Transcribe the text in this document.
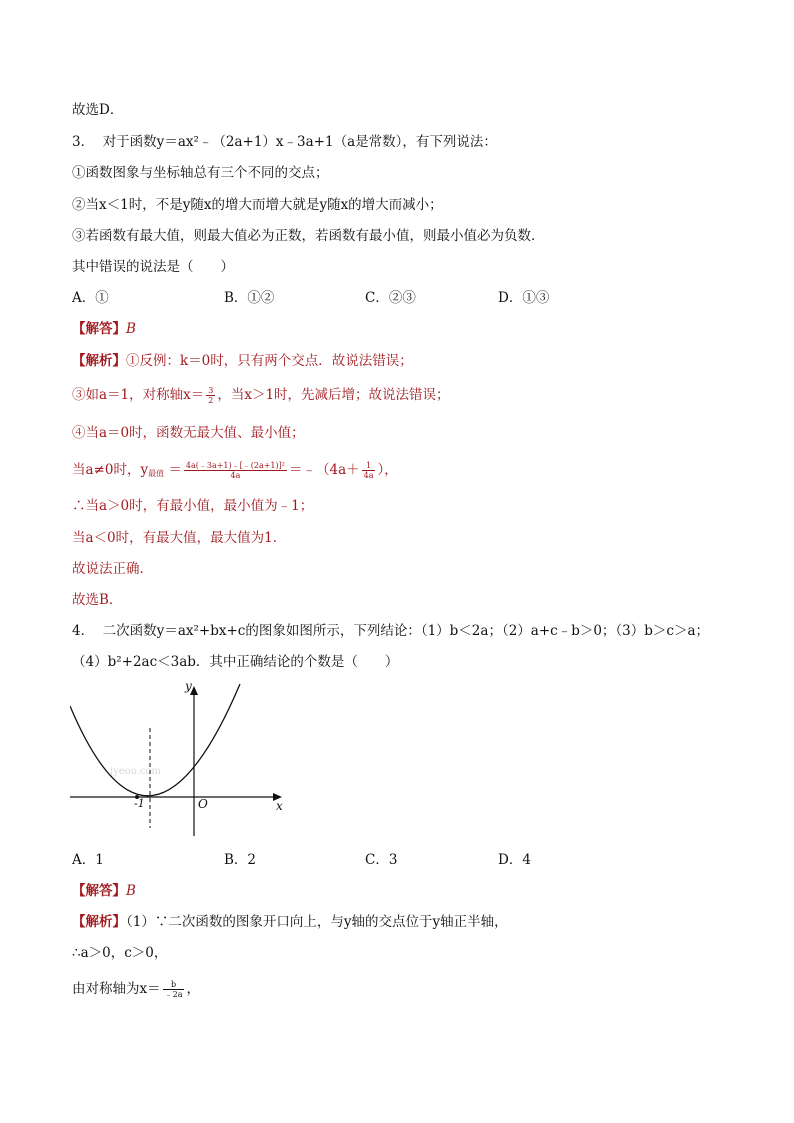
故选D．
3． 对于函数y＝ax²﹣（2a+1）x﹣3a+1（a是常数），有下列说法：
①函数图象与坐标轴总有三个不同的交点；
②当x＜1时，不是y随x的增大而增大就是y随x的增大而减小；
③若函数有最大值，则最大值必为正数，若函数有最小值，则最小值必为负数．
其中错误的说法是（　　）
A．①	B．①②	C．②③	D．①③
【解答】B
【解析】①反例：k＝0时，只有两个交点．故说法错误；
③如a＝1，对称轴$x= \frac{3}{2}$ ，当x＞1时，先减后增；故说法错误；
④当a＝0时，函数无最大值、最小值；
当a≠0时，$y_{最值} = \frac{\text{4a(﹣3a+1)﹣[﹣(2a+1)]²}}{4a}$ ＝﹣（4a＋ $\frac{1}{4a}$ ），
∴当a＞0时，有最小值，最小值为﹣1；
当a＜0时，有最大值，最大值为1．
故说法正确．
故选B．
4． 二次函数y＝ax²+bx+c的图象如图所示，下列结论：（1）b＜2a；（2）a+c﹣b＞0；（3）b＞c＞a；
（4）b²+2ac＜3ab．其中正确结论的个数是（　　）
jyeoo.com
-1	O	x
y
A．1	B．2	C．3	D．4
【解答】B
【解析】（1）∵二次函数的图象开口向上，与y轴的交点位于y轴正半轴，
∴a＞0，c＞0，
由对称轴为$x= \frac{b}{﹣2a}$ ，
